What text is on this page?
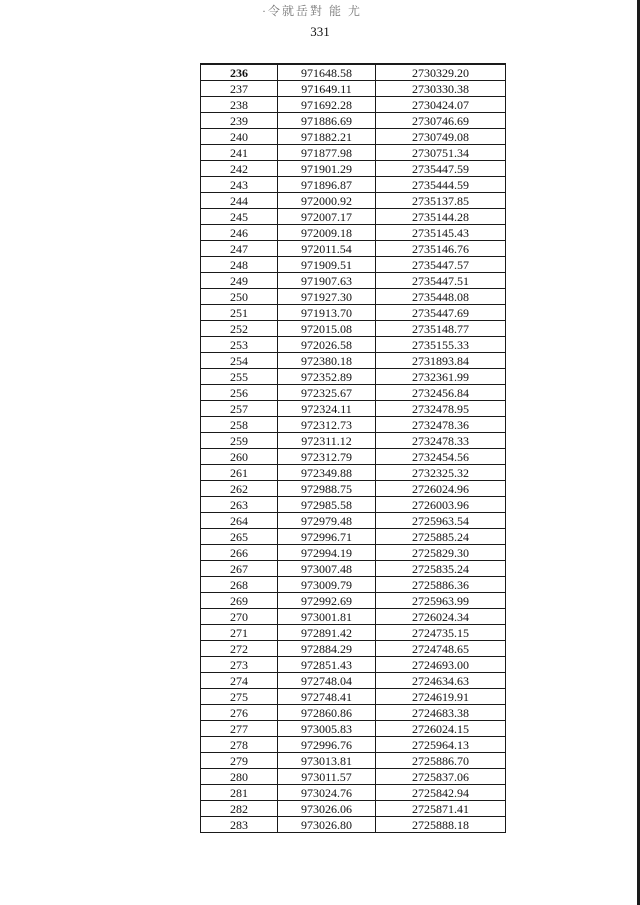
·令就岳對 能 尤
331
236	971648.58	2730329.20
237	971649.11	2730330.38
238	971692.28	2730424.07
239	971886.69	2730746.69
240	971882.21	2730749.08
241	971877.98	2730751.34
242	971901.29	2735447.59
243	971896.87	2735444.59
244	972000.92	2735137.85
245	972007.17	2735144.28
246	972009.18	2735145.43
247	972011.54	2735146.76
248	971909.51	2735447.57
249	971907.63	2735447.51
250	971927.30	2735448.08
251	971913.70	2735447.69
252	972015.08	2735148.77
253	972026.58	2735155.33
254	972380.18	2731893.84
255	972352.89	2732361.99
256	972325.67	2732456.84
257	972324.11	2732478.95
258	972312.73	2732478.36
259	972311.12	2732478.33
260	972312.79	2732454.56
261	972349.88	2732325.32
262	972988.75	2726024.96
263	972985.58	2726003.96
264	972979.48	2725963.54
265	972996.71	2725885.24
266	972994.19	2725829.30
267	973007.48	2725835.24
268	973009.79	2725886.36
269	972992.69	2725963.99
270	973001.81	2726024.34
271	972891.42	2724735.15
272	972884.29	2724748.65
273	972851.43	2724693.00
274	972748.04	2724634.63
275	972748.41	2724619.91
276	972860.86	2724683.38
277	973005.83	2726024.15
278	972996.76	2725964.13
279	973013.81	2725886.70
280	973011.57	2725837.06
281	973024.76	2725842.94
282	973026.06	2725871.41
283	973026.80	2725888.18
